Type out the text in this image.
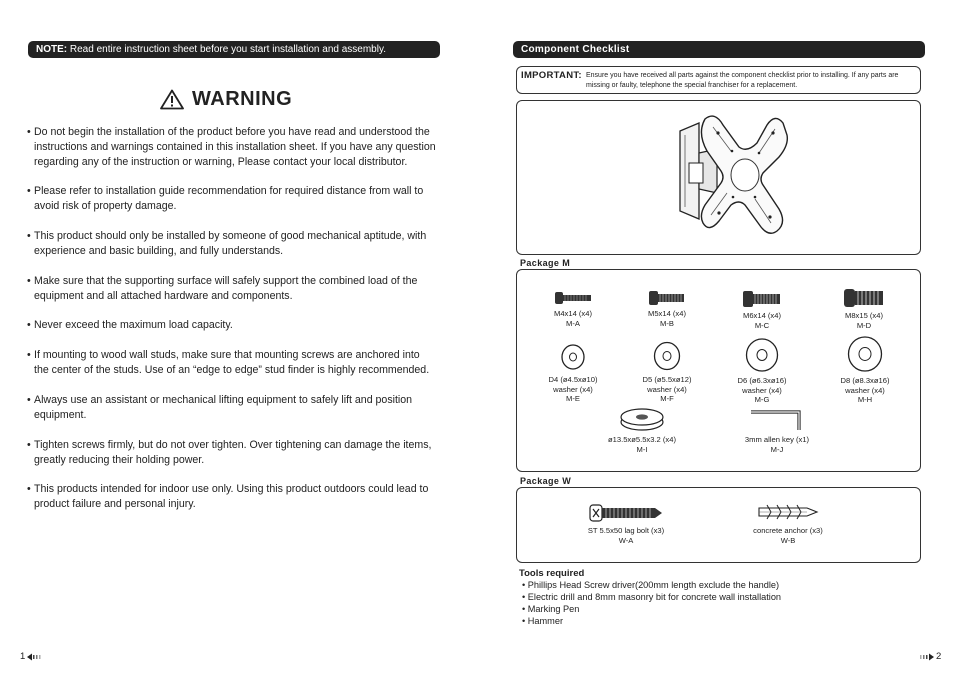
NOTE: Read entire instruction sheet before you start installation and assembly.
WARNING
• Do not begin the installation of the product before you have read and understood the
instructions and warnings contained in this installation sheet. If you have any question
regarding any of the instruction or warning, Please contact your local distributor.
• Please refer to installation guide recommendation for required distance from wall to
avoid risk of property damage.
• This product should only be installed by someone of good mechanical aptitude, with
experience and basic building, and fully understands.
• Make sure that the supporting surface will safely support the combined load of the
equipment and all attached hardware and components.
• Never exceed the maximum load capacity.
• If mounting to wood wall studs, make sure that mounting screws are anchored into
the center of the studs. Use of an “edge to edge” stud finder is highly recommended.
• Always use an assistant or mechanical lifting equipment to safely lift and position
equipment.
• Tighten screws firmly, but do not over tighten. Over tightening can damage the items,
greatly reducing their holding power.
• This products intended for indoor use only. Using this product outdoors could lead to
product failure and personal injury.
1
Component Checklist
IMPORTANT: Ensure you have received all parts against the component checklist prior to installing. If any parts are missing or faulty, telephone the special franchiser for a replacement.
Package M
M4x14 (x4)
M-A
M5x14 (x4)
M-B
M6x14 (x4)
M-C
M8x15 (x4)
M-D
D4 (ø4.5xø10)
washer (x4)
M-E
D5 (ø5.5xø12)
washer (x4)
M-F
D6 (ø6.3xø16)
washer (x4)
M-G
D8 (ø8.3xø16)
washer (x4)
M-H
ø13.5xø5.5x3.2 (x4)
M-I
3mm allen key (x1)
M-J
Package W
ST 5.5x50 lag bolt (x3)
W-A
concrete anchor (x3)
W-B
Tools required
• Phillips Head Screw driver(200mm length exclude the handle)
• Electric drill and 8mm masonry bit for concrete wall installation
• Marking Pen
• Hammer
2
